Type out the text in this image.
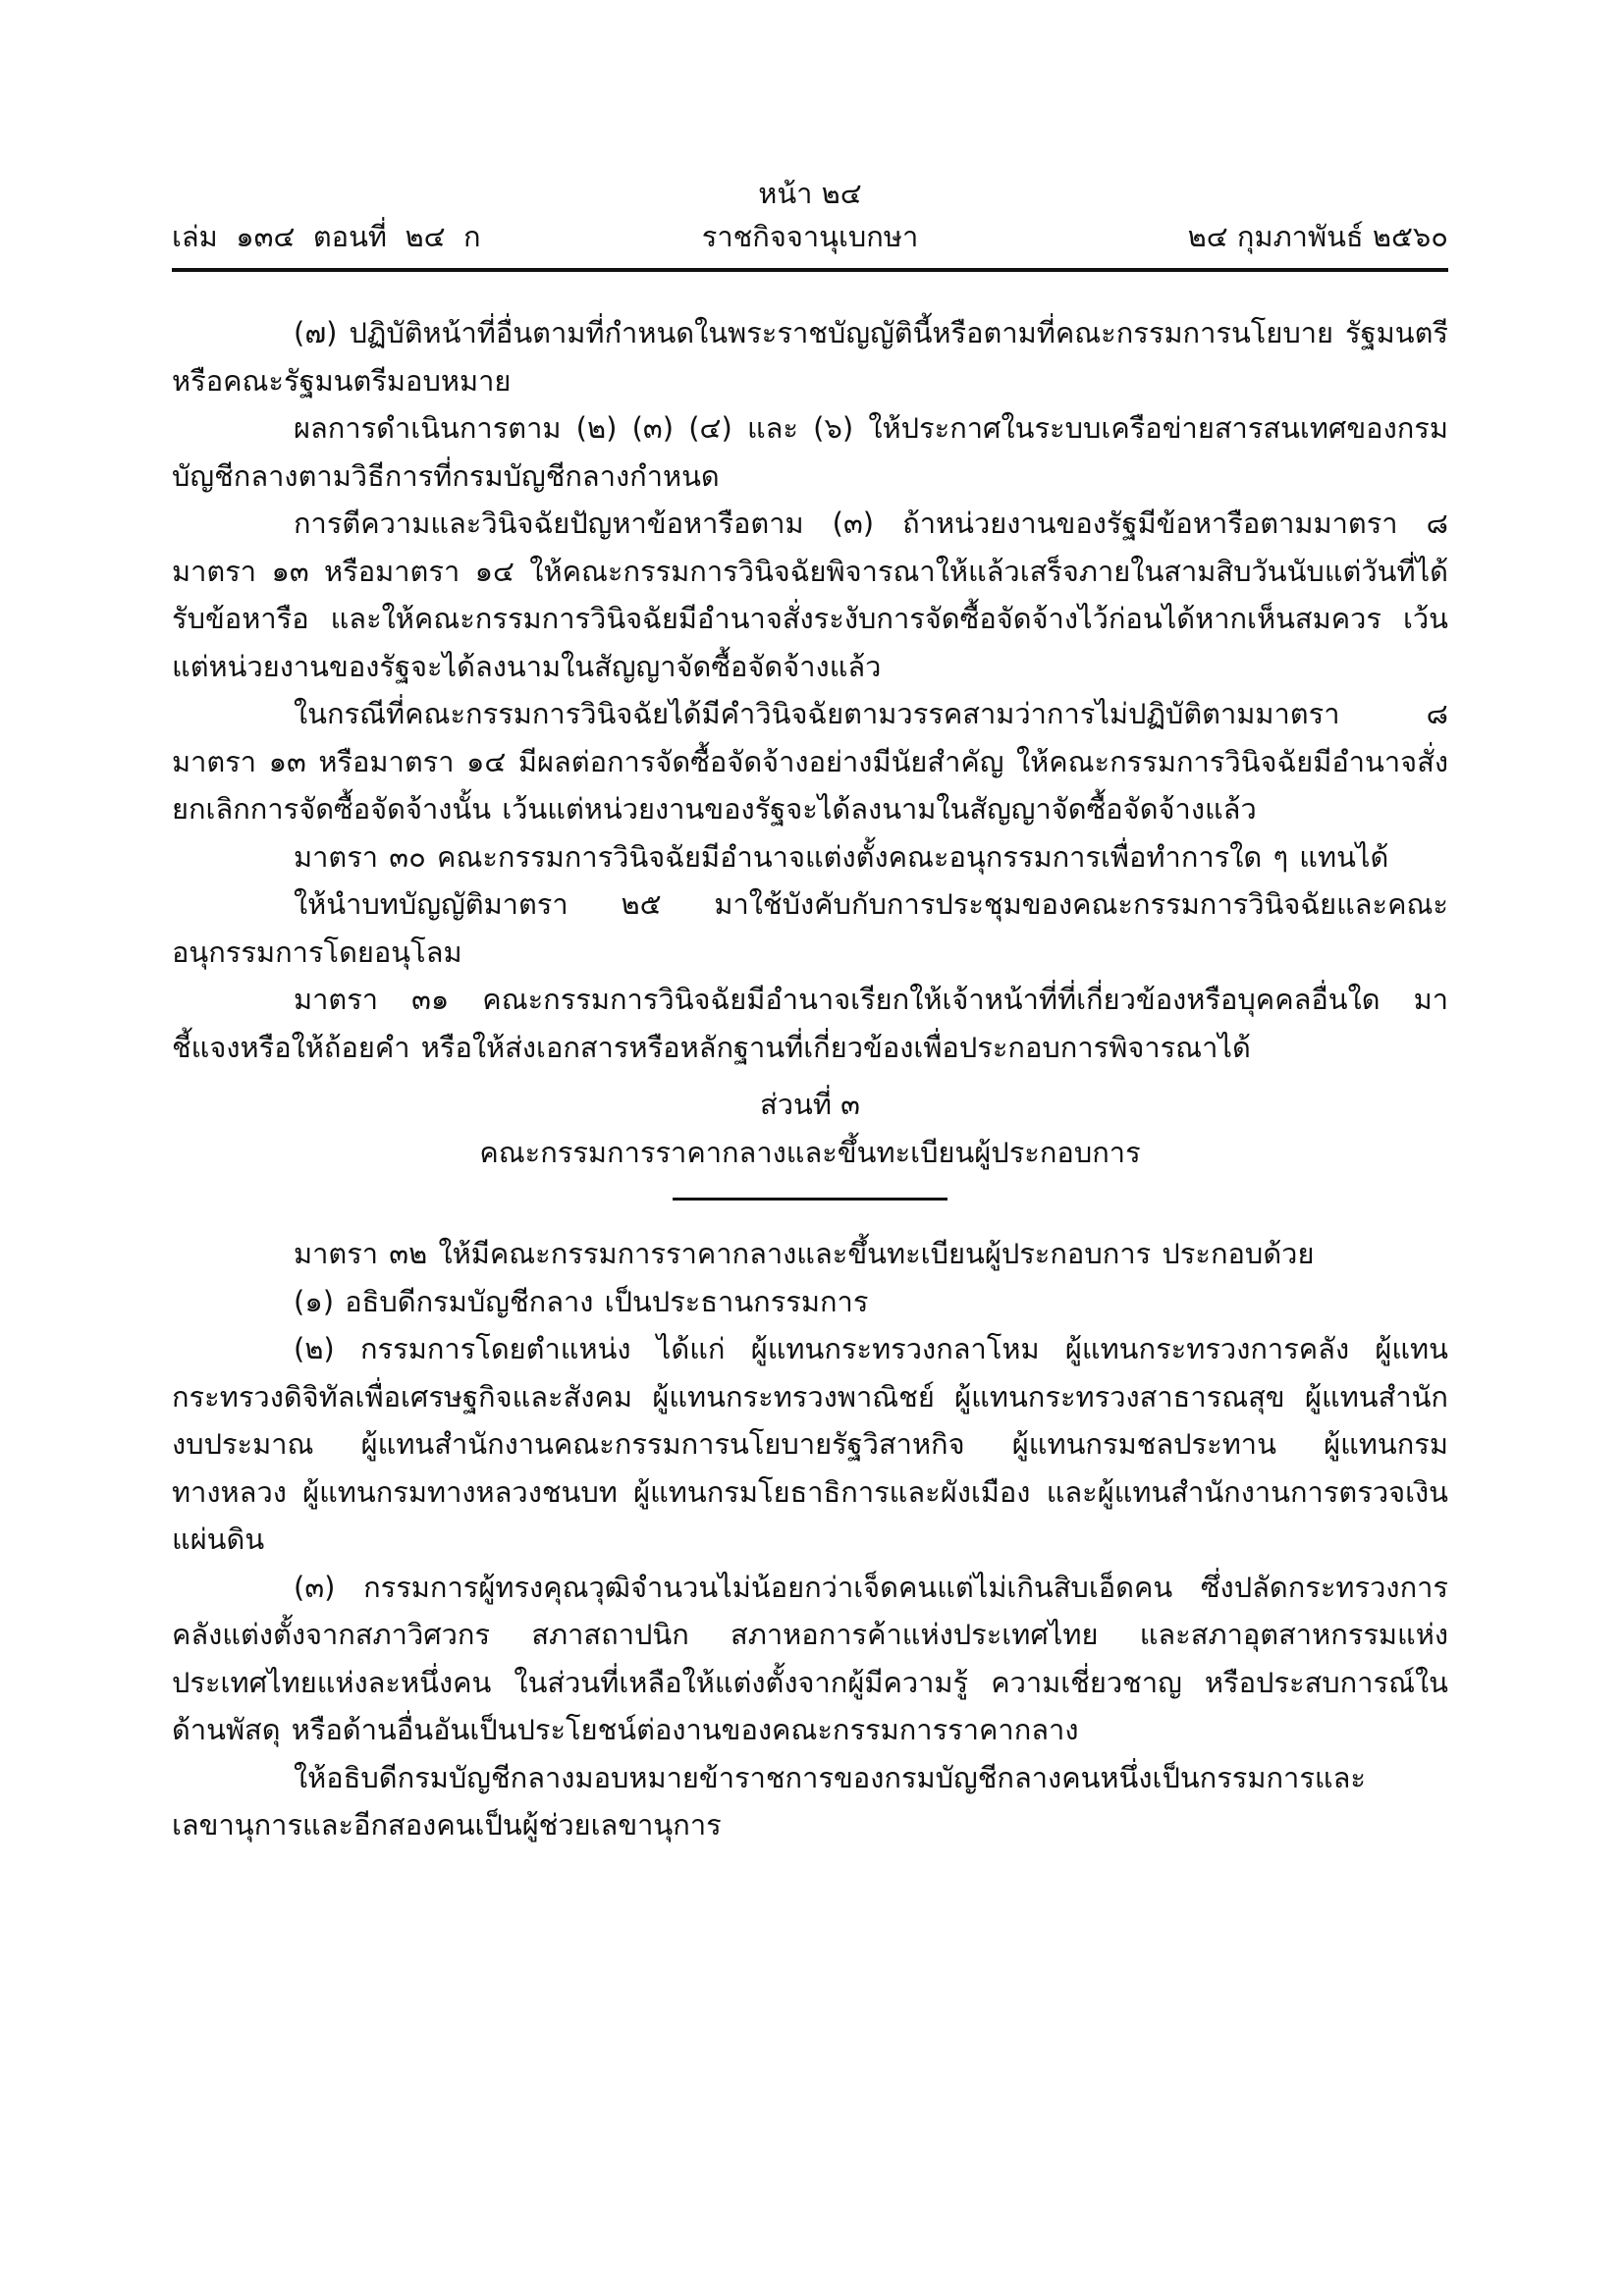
หน้า ๒๔
ราชกิจจานุเบกษา
เล่ม  ๑๓๔  ตอนที่  ๒๔  ก	๒๔ กุมภาพันธ์ ๒๕๖๐

(๗) ปฏิบัติหน้าที่อื่นตามที่กำหนดในพระราชบัญญัตินี้หรือตามที่คณะกรรมการนโยบาย รัฐมนตรี หรือคณะรัฐมนตรีมอบหมาย

ผลการดำเนินการตาม (๒) (๓) (๔) และ (๖) ให้ประกาศในระบบเครือข่ายสารสนเทศของกรมบัญชีกลางตามวิธีการที่กรมบัญชีกลางกำหนด

การตีความและวินิจฉัยปัญหาข้อหารือตาม (๓) ถ้าหน่วยงานของรัฐมีข้อหารือตามมาตรา ๘ มาตรา ๑๓ หรือมาตรา ๑๔ ให้คณะกรรมการวินิจฉัยพิจารณาให้แล้วเสร็จภายในสามสิบวันนับแต่วันที่ได้รับข้อหารือ และให้คณะกรรมการวินิจฉัยมีอำนาจสั่งระงับการจัดซื้อจัดจ้างไว้ก่อนได้หากเห็นสมควร เว้นแต่หน่วยงานของรัฐจะได้ลงนามในสัญญาจัดซื้อจัดจ้างแล้ว

ในกรณีที่คณะกรรมการวินิจฉัยได้มีคำวินิจฉัยตามวรรคสามว่าการไม่ปฏิบัติตามมาตรา ๘ มาตรา ๑๓ หรือมาตรา ๑๔ มีผลต่อการจัดซื้อจัดจ้างอย่างมีนัยสำคัญ ให้คณะกรรมการวินิจฉัยมีอำนาจสั่งยกเลิกการจัดซื้อจัดจ้างนั้น เว้นแต่หน่วยงานของรัฐจะได้ลงนามในสัญญาจัดซื้อจัดจ้างแล้ว

มาตรา ๓๐ คณะกรรมการวินิจฉัยมีอำนาจแต่งตั้งคณะอนุกรรมการเพื่อทำการใด ๆ แทนได้

ให้นำบทบัญญัติมาตรา ๒๕ มาใช้บังคับกับการประชุมของคณะกรรมการวินิจฉัยและคณะอนุกรรมการโดยอนุโลม

มาตรา ๓๑ คณะกรรมการวินิจฉัยมีอำนาจเรียกให้เจ้าหน้าที่ที่เกี่ยวข้องหรือบุคคลอื่นใด มาชี้แจงหรือให้ถ้อยคำ หรือให้ส่งเอกสารหรือหลักฐานที่เกี่ยวข้องเพื่อประกอบการพิจารณาได้

ส่วนที่ ๓

คณะกรรมการราคากลางและขึ้นทะเบียนผู้ประกอบการ

มาตรา ๓๒ ให้มีคณะกรรมการราคากลางและขึ้นทะเบียนผู้ประกอบการ ประกอบด้วย

(๑) อธิบดีกรมบัญชีกลาง เป็นประธานกรรมการ

(๒) กรรมการโดยตำแหน่ง ได้แก่ ผู้แทนกระทรวงกลาโหม ผู้แทนกระทรวงการคลัง ผู้แทนกระทรวงดิจิทัลเพื่อเศรษฐกิจและสังคม ผู้แทนกระทรวงพาณิชย์ ผู้แทนกระทรวงสาธารณสุข ผู้แทนสำนักงบประมาณ ผู้แทนสำนักงานคณะกรรมการนโยบายรัฐวิสาหกิจ ผู้แทนกรมชลประทาน ผู้แทนกรมทางหลวง ผู้แทนกรมทางหลวงชนบท ผู้แทนกรมโยธาธิการและผังเมือง และผู้แทนสำนักงานการตรวจเงินแผ่นดิน

(๓) กรรมการผู้ทรงคุณวุฒิจำนวนไม่น้อยกว่าเจ็ดคนแต่ไม่เกินสิบเอ็ดคน ซึ่งปลัดกระทรวงการคลังแต่งตั้งจากสภาวิศวกร สภาสถาปนิก สภาหอการค้าแห่งประเทศไทย และสภาอุตสาหกรรมแห่งประเทศไทยแห่งละหนึ่งคน ในส่วนที่เหลือให้แต่งตั้งจากผู้มีความรู้ ความเชี่ยวชาญ หรือประสบการณ์ในด้านพัสดุ หรือด้านอื่นอันเป็นประโยชน์ต่องานของคณะกรรมการราคากลาง

ให้อธิบดีกรมบัญชีกลางมอบหมายข้าราชการของกรมบัญชีกลางคนหนึ่งเป็นกรรมการและเลขานุการและอีกสองคนเป็นผู้ช่วยเลขานุการ
